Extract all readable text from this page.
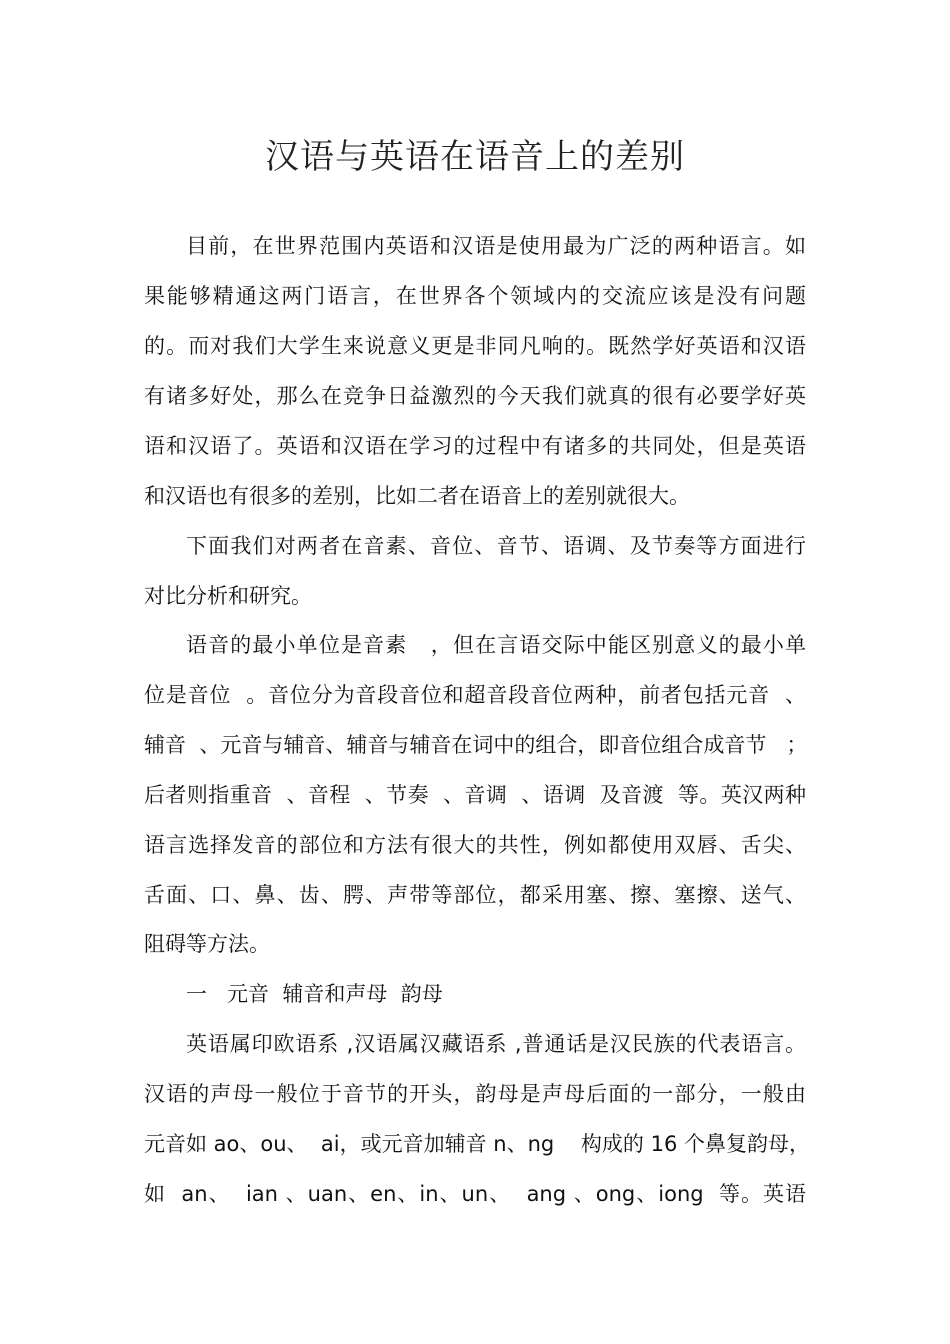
汉语与英语在语音上的差别
目前，在世界范围内英语和汉语是使用最为广泛的两种语言。如
果能够精通这两门语言，在世界各个领域内的交流应该是没有问题
的。而对我们大学生来说意义更是非同凡响的。既然学好英语和汉语
有诸多好处，那么在竞争日益激烈的今天我们就真的很有必要学好英
语和汉语了。英语和汉语在学习的过程中有诸多的共同处，但是英语
和汉语也有很多的差别，比如二者在语音上的差别就很大。
下面我们对两者在音素、音位、音节、语调、及节奏等方面进行
对比分析和研究。
语音的最小单位是音素   ，但在言语交际中能区别意义的最小单
位是音位  。音位分为音段音位和超音段音位两种，前者包括元音  、
辅音  、元音与辅音、辅音与辅音在词中的组合，即音位组合成音节   ；
后者则指重音  、音程  、节奏  、音调  、语调  及音渡  等。英汉两种
语言选择发音的部位和方法有很大的共性，例如都使用双唇、舌尖、
舌面、口、鼻、齿、腭、声带等部位，都采用塞、擦、塞擦、送气、
阻碍等方法。
一   元音  辅音和声母  韵母
英语属印欧语系 ,汉语属汉藏语系 ,普通话是汉民族的代表语言。
汉语的声母一般位于音节的开头，韵母是声母后面的一部分，一般由
元音如 ao、ou、  ai，或元音加辅音 n、ng    构成的 16 个鼻复韵母，
如  an、  ian 、uan、en、in、un、  ang 、ong、iong  等。英语
